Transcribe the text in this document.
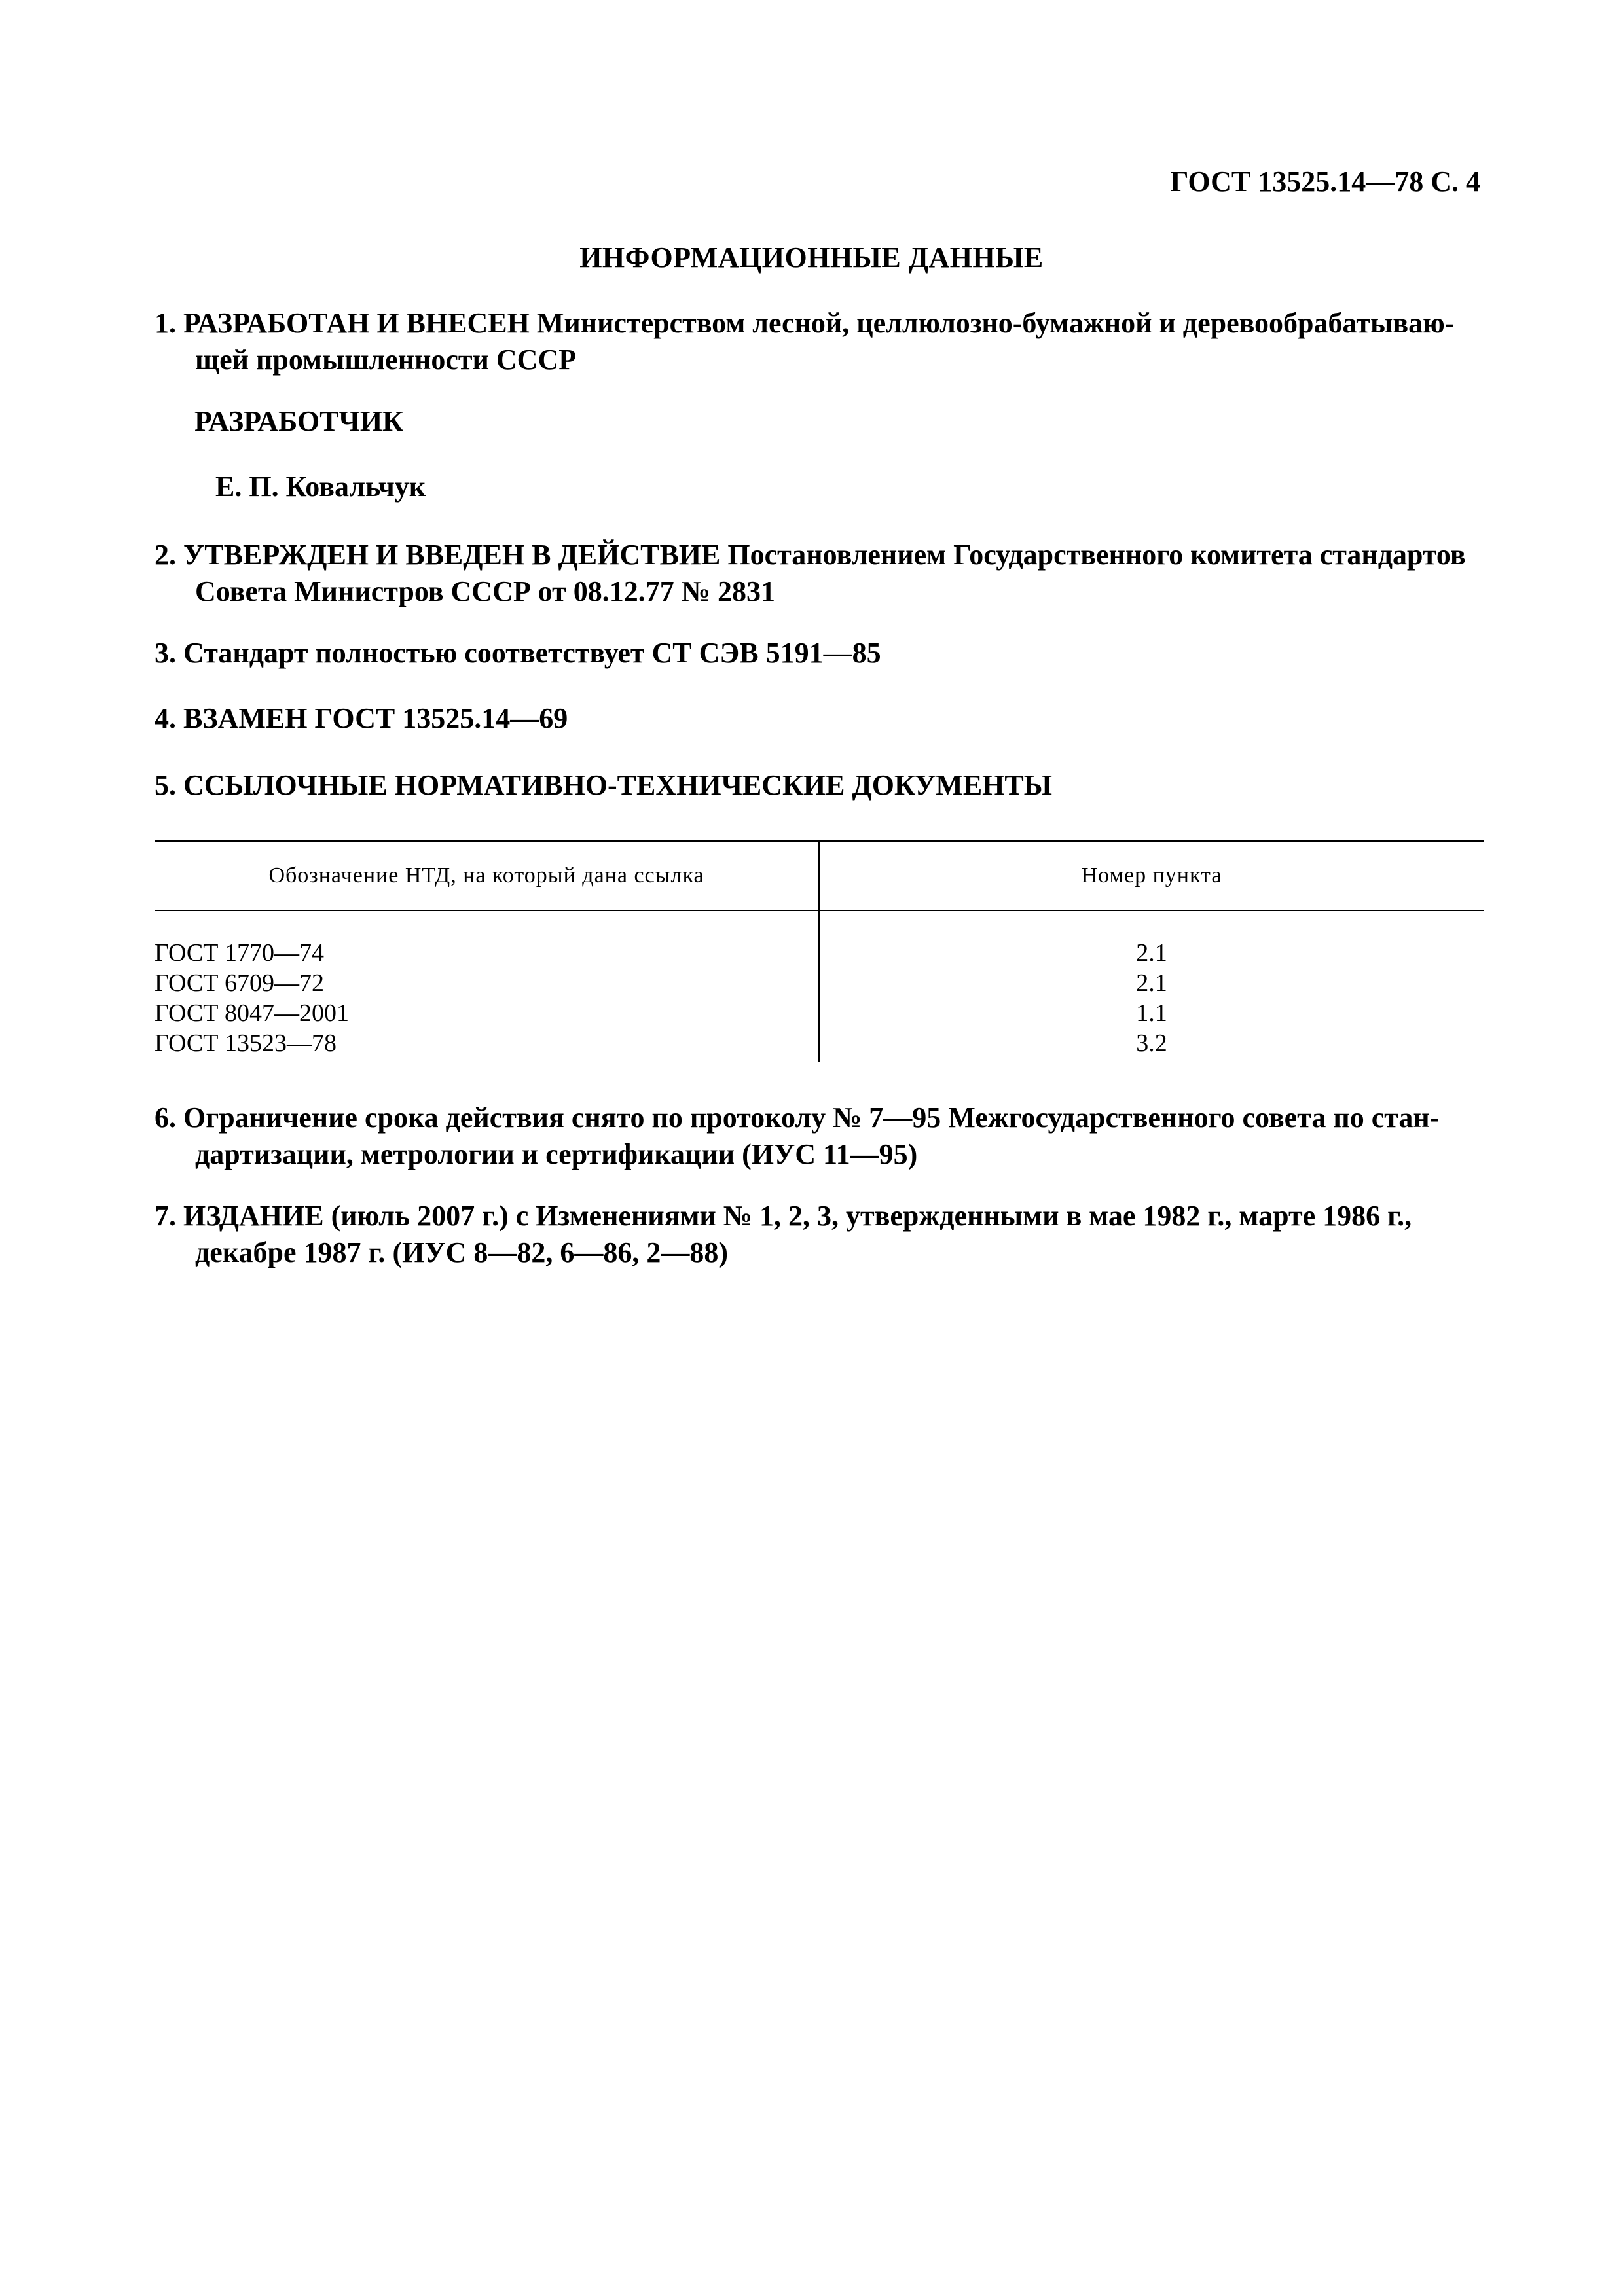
ГОСТ 13525.14—78 С. 4
ИНФОРМАЦИОННЫЕ ДАННЫЕ
1. РАЗРАБОТАН И ВНЕСЕН Министерством лесной, целлюлозно-бумажной и деревообрабатываю-
щей промышленности СССР
РАЗРАБОТЧИК
Е. П. Ковальчук
2. УТВЕРЖДЕН И ВВЕДЕН В ДЕЙСТВИЕ Постановлением Государственного комитета стандартов
Совета Министров СССР от 08.12.77 № 2831
3. Стандарт полностью соответствует СТ СЭВ 5191—85
4. ВЗАМЕН ГОСТ 13525.14—69
5. ССЫЛОЧНЫЕ НОРМАТИВНО-ТЕХНИЧЕСКИЕ ДОКУМЕНТЫ
Обозначение НТД, на который дана ссылка	Номер пункта
ГОСТ 1770—74	2.1
ГОСТ 6709—72	2.1
ГОСТ 8047—2001	1.1
ГОСТ 13523—78	3.2
6. Ограничение срока действия снято по протоколу № 7—95 Межгосударственного совета по стан-
дартизации, метрологии и сертификации (ИУС 11—95)
7. ИЗДАНИЕ (июль 2007 г.) с Изменениями № 1, 2, 3, утвержденными в мае 1982 г., марте 1986 г.,
декабре 1987 г. (ИУС 8—82, 6—86, 2—88)
